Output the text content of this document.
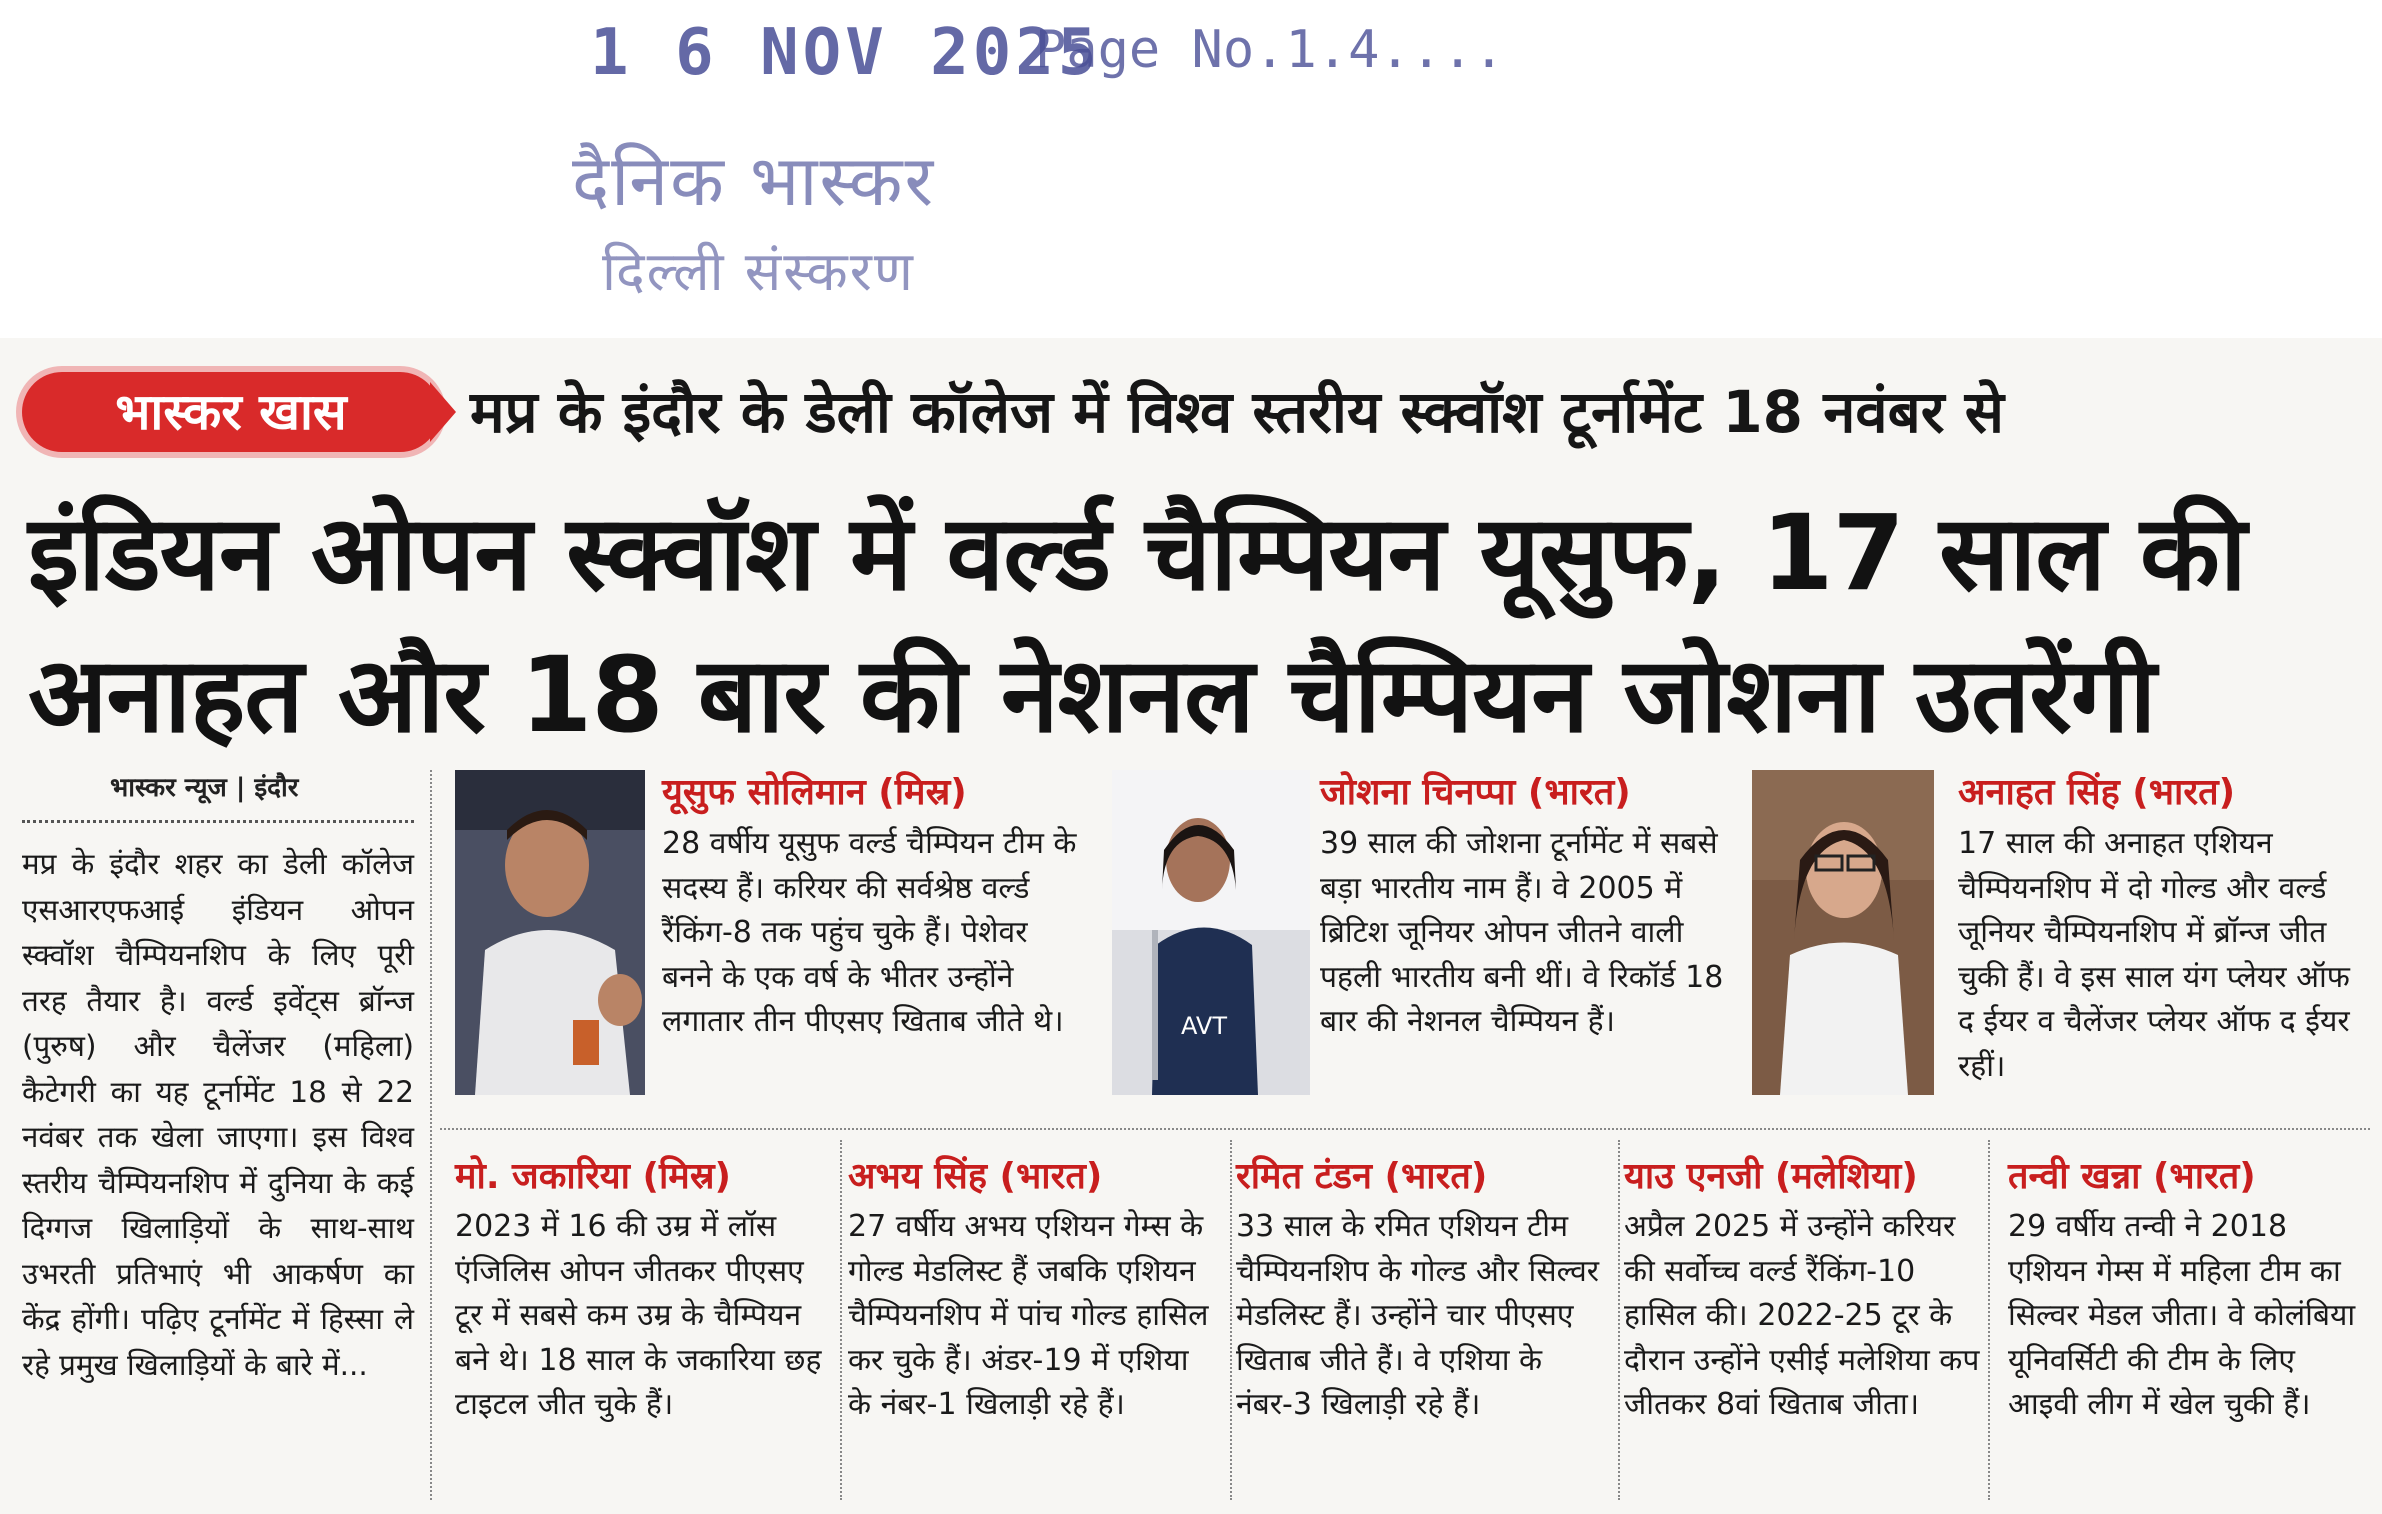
1 6 NOV 2025
Page No.1.4....
दैनिक भास्कर
दिल्ली संस्करण
भास्कर खास	मप्र के इंदौर के डेली कॉलेज में विश्व स्तरीय स्क्वॉश टूर्नामेंट 18 नवंबर से
इंडियन ओपन स्क्वॉश में वर्ल्ड चैम्पियन यूसुफ, 17 साल की
अनाहत और 18 बार की नेशनल चैम्पियन जोशना उतरेंगी
भास्कर न्यूज | इंदौर
मप्र के इंदौर शहर का डेली कॉलेज एसआरएफआई इंडियन ओपन स्क्वॉश चैम्पियनशिप के लिए पूरी तरह तैयार है। वर्ल्ड इवेंट्स ब्रॉन्ज (पुरुष) और चैलेंजर (महिला) कैटेगरी का यह टूर्नामेंट 18 से 22 नवंबर तक खेला जाएगा। इस विश्व स्तरीय चैम्पियनशिप में दुनिया के कई दिग्गज खिलाड़ियों के साथ-साथ उभरती प्रतिभाएं भी आकर्षण का केंद्र होंगी। पढ़िए टूर्नामेंट में हिस्सा ले रहे प्रमुख खिलाड़ियों के बारे में...
AVT
यूसुफ सोलिमान (मिस्र)
28 वर्षीय यूसुफ वर्ल्ड चैम्पियन टीम के सदस्य हैं। करियर की सर्वश्रेष्ठ वर्ल्ड रैंकिंग-8 तक पहुंच चुके हैं। पेशेवर बनने के एक वर्ष के भीतर उन्होंने लगातार तीन पीएसए खिताब जीते थे।
जोशना चिनप्पा (भारत)
39 साल की जोशना टूर्नामेंट में सबसे बड़ा भारतीय नाम हैं। वे 2005 में ब्रिटिश जूनियर ओपन जीतने वाली पहली भारतीय बनी थीं। वे रिकॉर्ड 18 बार की नेशनल चैम्पियन हैं।
अनाहत सिंह (भारत)
17 साल की अनाहत एशियन चैम्पियनशिप में दो गोल्ड और वर्ल्ड जूनियर चैम्पियनशिप में ब्रॉन्ज जीत चुकी हैं। वे इस साल यंग प्लेयर ऑफ द ईयर व चैलेंजर प्लेयर ऑफ द ईयर रहीं।
मो. जकारिया (मिस्र)
2023 में 16 की उम्र में लॉस एंजिलिस ओपन जीतकर पीएसए टूर में सबसे कम उम्र के चैम्पियन बने थे। 18 साल के जकारिया छह टाइटल जीत चुके हैं।
अभय सिंह (भारत)
27 वर्षीय अभय एशियन गेम्स के गोल्ड मेडलिस्ट हैं जबकि एशियन चैम्पियनशिप में पांच गोल्ड हासिल कर चुके हैं। अंडर-19 में एशिया के नंबर-1 खिलाड़ी रहे हैं।
रमित टंडन (भारत)
33 साल के रमित एशियन टीम चैम्पियनशिप के गोल्ड और सिल्वर मेडलिस्ट हैं। उन्होंने चार पीएसए खिताब जीते हैं। वे एशिया के नंबर-3 खिलाड़ी रहे हैं।
याउ एनजी (मलेशिया)
अप्रैल 2025 में उन्होंने करियर की सर्वोच्च वर्ल्ड रैंकिंग-10 हासिल की। 2022-25 टूर के दौरान उन्होंने एसीई मलेशिया कप जीतकर 8वां खिताब जीता।
तन्वी खन्ना (भारत)
29 वर्षीय तन्वी ने 2018 एशियन गेम्स में महिला टीम का सिल्वर मेडल जीता। वे कोलंबिया यूनिवर्सिटी की टीम के लिए आइवी लीग में खेल चुकी हैं।
